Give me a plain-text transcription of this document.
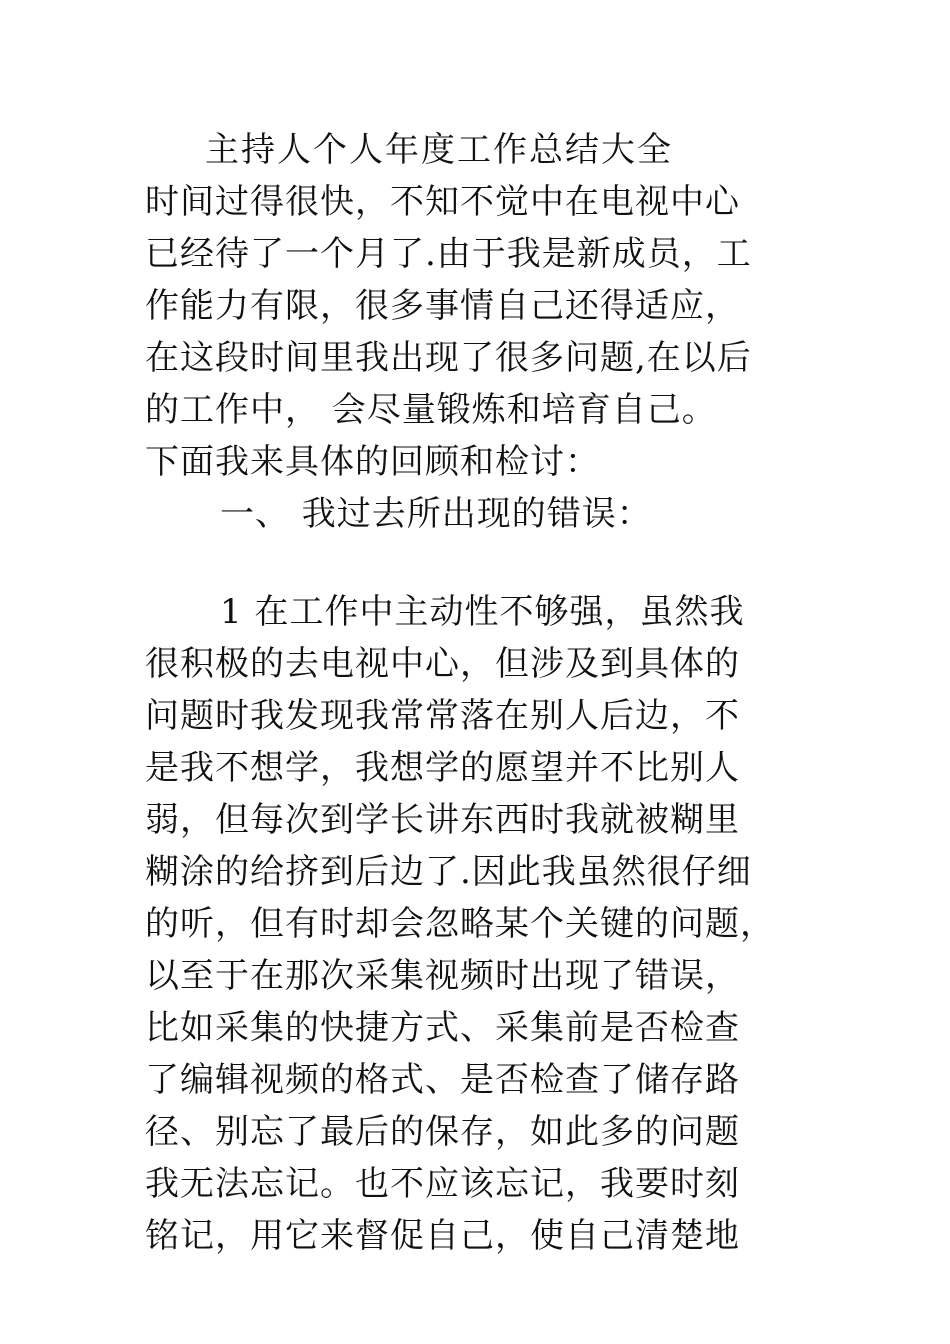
主持人个人年度工作总结大全
时间过得很快，不知不觉中在电视中心
已经待了一个月了.由于我是新成员，工
作能力有限，很多事情自己还得适应，
在这段时间里我出现了很多问题,在以后
的工作中， 会尽量锻炼和培育自己。
下面我来具体的回顾和检讨：
一、 我过去所出现的错误：
1 在工作中主动性不够强，虽然我
很积极的去电视中心，但涉及到具体的
问题时我发现我常常落在别人后边，不
是我不想学，我想学的愿望并不比别人
弱，但每次到学长讲东西时我就被糊里
糊涂的给挤到后边了.因此我虽然很仔细
的听，但有时却会忽略某个关键的问题，
以至于在那次采集视频时出现了错误，
比如采集的快捷方式、采集前是否检查
了编辑视频的格式、是否检查了储存路
径、别忘了最后的保存，如此多的问题
我无法忘记。也不应该忘记，我要时刻
铭记，用它来督促自己，使自己清楚地
